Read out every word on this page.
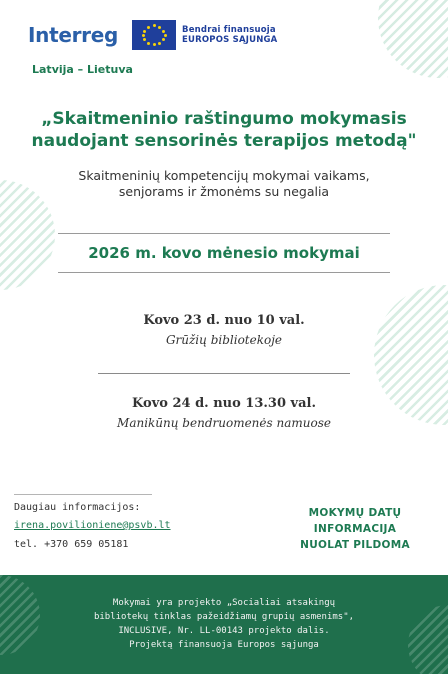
Interreg	Bendrai finansuoja
EUROPOS SĄJUNGA
Latvija – Lietuva
„Skaitmeninio raštingumo mokymasis
naudojant sensorinės terapijos metodą"
Skaitmeninių kompetencijų mokymai vaikams,
senjorams ir žmonėms su negalia
2026 m. kovo mėnesio mokymai
Kovo 23 d. nuo 10 val.
Grūžių bibliotekoje
Kovo 24 d. nuo 13.30 val.
Manikūnų bendruomenės namuose
Daugiau informacijos:
irena.povilioniene@psvb.lt
tel. +370 659 05181
MOKYMŲ DATŲ
INFORMACIJA
NUOLAT PILDOMA
Mokymai yra projekto „Socialiai atsakingų
bibliotekų tinklas pažeidžiamų grupių asmenims",
INCLUSIVE, Nr. LL-00143 projekto dalis.
Projektą finansuoja Europos sąjunga
